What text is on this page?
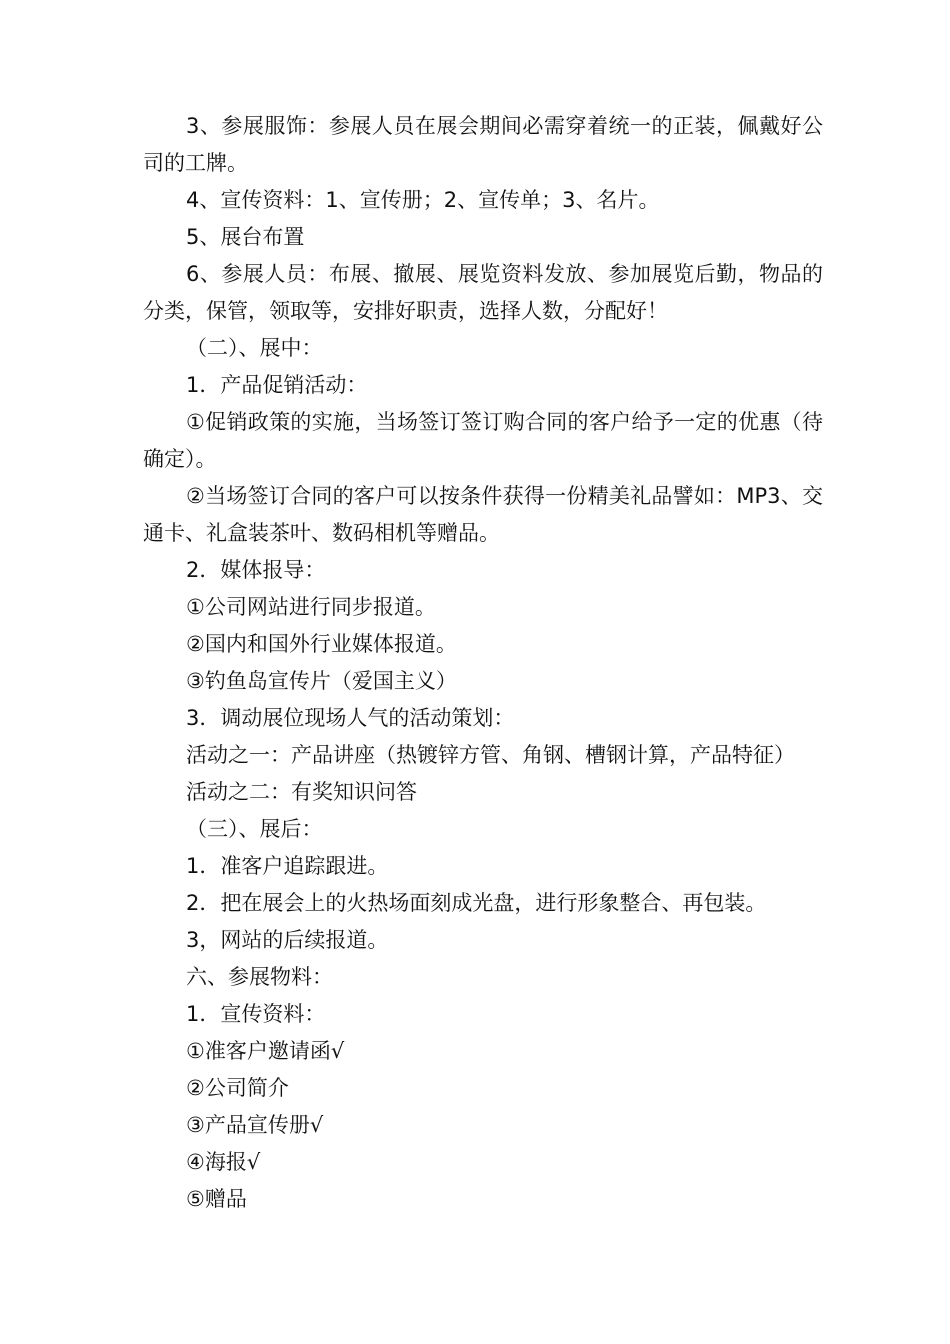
3、参展服饰：参展人员在展会期间必需穿着统一的正装，佩戴好公司的工牌。

4、宣传资料：1、宣传册；2、宣传单；3、名片。

5、展台布置

6、参展人员：布展、撤展、展览资料发放、参加展览后勤，物品的分类，保管，领取等，安排好职责，选择人数，分配好！

（二）、展中：

1．产品促销活动：

①促销政策的实施，当场签订签订购合同的客户给予一定的优惠（待确定）。

②当场签订合同的客户可以按条件获得一份精美礼品譬如：MP3、交通卡、礼盒装茶叶、数码相机等赠品。

2．媒体报导：

①公司网站进行同步报道。

②国内和国外行业媒体报道。

③钓鱼岛宣传片（爱国主义）

3．调动展位现场人气的活动策划：

活动之一：产品讲座（热镀锌方管、角钢、槽钢计算，产品特征）

活动之二：有奖知识问答

（三）、展后：

1．准客户追踪跟进。

2．把在展会上的火热场面刻成光盘，进行形象整合、再包装。

3，网站的后续报道。

六、参展物料：

1．宣传资料：

①准客户邀请函√

②公司简介

③产品宣传册√

④海报√

⑤赠品
